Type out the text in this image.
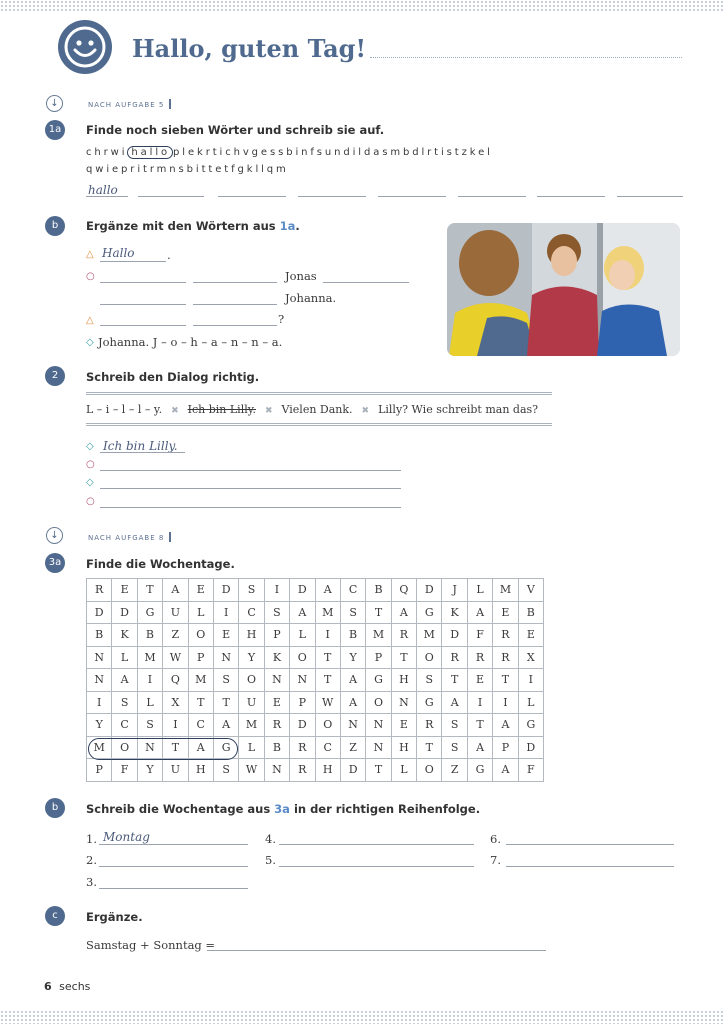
Hallo, guten Tag!
↓	NACH AUFGABE 5
1a	Finde noch sieben Wörter und schreib sie auf.
chrwi hallo plekrtichvgessbinfsundildasmbdlrtistzkel
qwiepritrmnsbittetfgkllqm
hallo
b	Ergänze mit den Wörtern aus 1a.
△ Hallo	.
○	Jonas
Johanna.
△	?
◇ Johanna. J – o – h – a – n – n – a.
2	Schreib den Dialog richtig.
L – i – l – l – y. ✖ Ich bin Lilly. ✖ Vielen Dank. ✖ Lilly? Wie schreibt man das?
◇ Ich bin Lilly.
○
◇
○
↓	NACH AUFGABE 8
3a	Finde die Wochentage.
R	E	T	A	E	D	S	I	D	A	C	B	Q	D	J	L	M	V
D	D	G	U	L	I	C	S	A	M	S	T	A	G	K	A	E	B
B	K	B	Z	O	E	H	P	L	I	B	M	R	M	D	F	R	E
N	L	M	W	P	N	Y	K	O	T	Y	P	T	O	R	R	R	X
N	A	I	Q	M	S	O	N	N	T	A	G	H	S	T	E	T	I
I	S	L	X	T	T	U	E	P	W	A	O	N	G	A	I	I	L
Y	C	S	I	C	A	M	R	D	O	N	N	E	R	S	T	A	G
M	O	N	T	A	G	L	B	R	C	Z	N	H	T	S	A	P	D
P	F	Y	U	H	S	W	N	R	H	D	T	L	O	Z	G	A	F
b	Schreib die Wochentage aus 3a in der richtigen Reihenfolge.
1. Montag
2.
3.
4.
5.
6.
7.
c	Ergänze.
Samstag + Sonntag =
6 sechs
